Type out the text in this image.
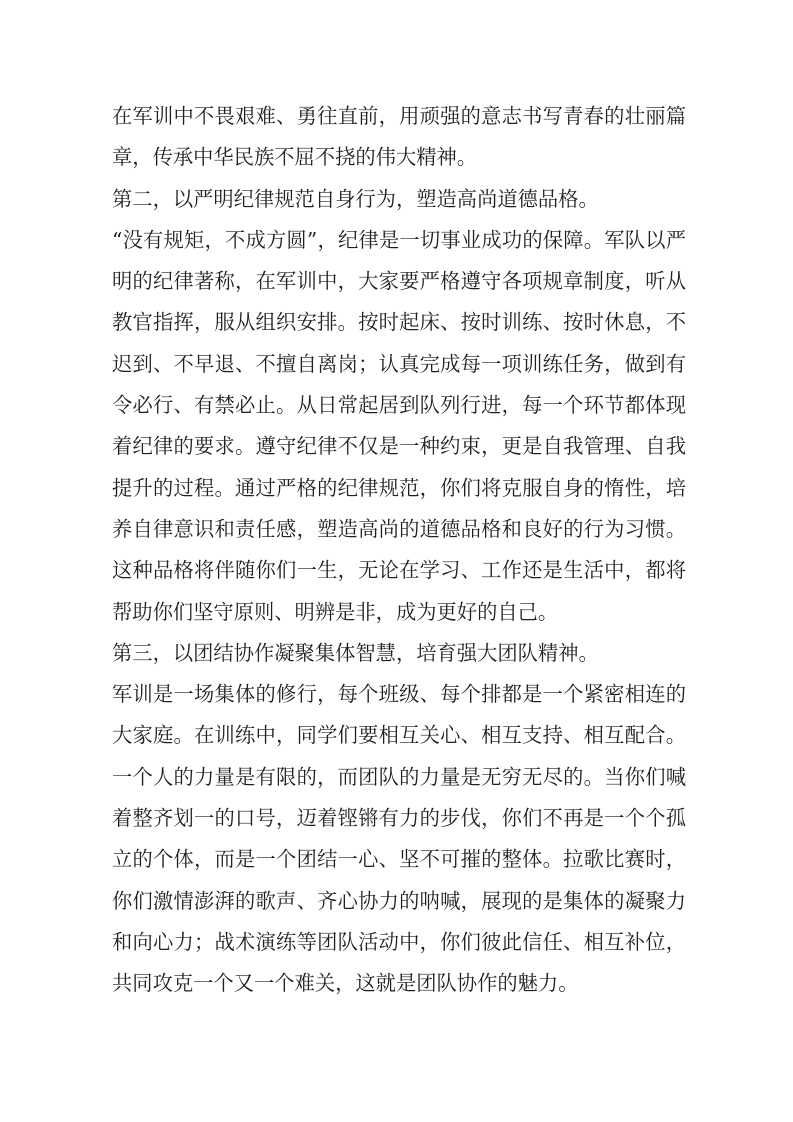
在军训中不畏艰难、勇往直前，用顽强的意志书写青春的壮丽篇
章，传承中华民族不屈不挠的伟大精神。
第二，以严明纪律规范自身行为，塑造高尚道德品格。
“没有规矩，不成方圆”，纪律是一切事业成功的保障。军队以严
明的纪律著称，在军训中，大家要严格遵守各项规章制度，听从
教官指挥，服从组织安排。按时起床、按时训练、按时休息，不
迟到、不早退、不擅自离岗；认真完成每一项训练任务，做到有
令必行、有禁必止。从日常起居到队列行进，每一个环节都体现
着纪律的要求。遵守纪律不仅是一种约束，更是自我管理、自我
提升的过程。通过严格的纪律规范，你们将克服自身的惰性，培
养自律意识和责任感，塑造高尚的道德品格和良好的行为习惯。
这种品格将伴随你们一生，无论在学习、工作还是生活中，都将
帮助你们坚守原则、明辨是非，成为更好的自己。
第三，以团结协作凝聚集体智慧，培育强大团队精神。
军训是一场集体的修行，每个班级、每个排都是一个紧密相连的
大家庭。在训练中，同学们要相互关心、相互支持、相互配合。
一个人的力量是有限的，而团队的力量是无穷无尽的。当你们喊
着整齐划一的口号，迈着铿锵有力的步伐，你们不再是一个个孤
立的个体，而是一个团结一心、坚不可摧的整体。拉歌比赛时，
你们激情澎湃的歌声、齐心协力的呐喊，展现的是集体的凝聚力
和向心力；战术演练等团队活动中，你们彼此信任、相互补位，
共同攻克一个又一个难关，这就是团队协作的魅力。
